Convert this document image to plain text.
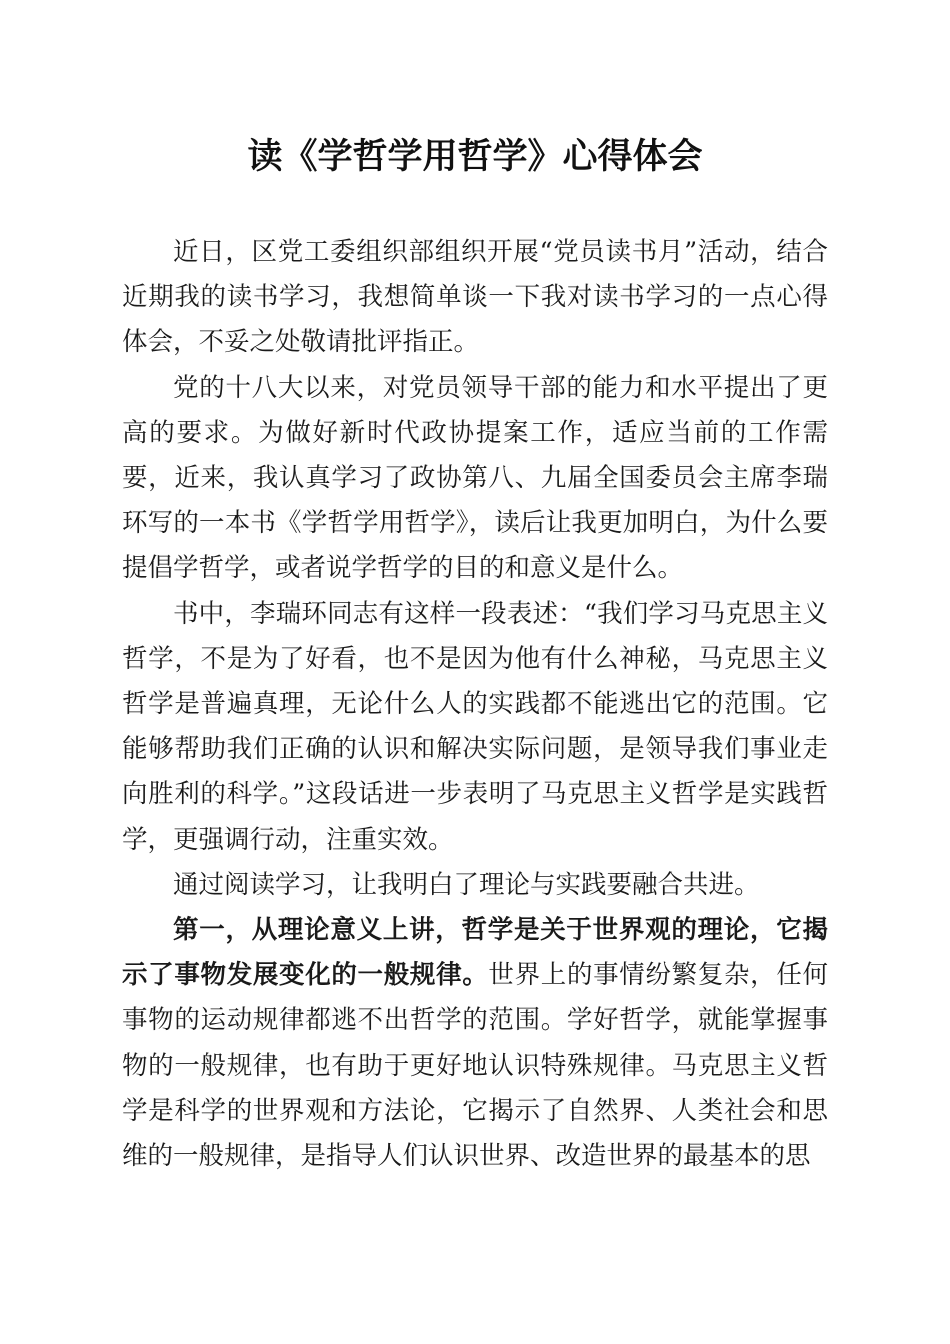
读《学哲学用哲学》心得体会

近日，区党工委组织部组织开展“党员读书月”活动，结合近期我的读书学习，我想简单谈一下我对读书学习的一点心得体会，不妥之处敬请批评指正。

党的十八大以来，对党员领导干部的能力和水平提出了更高的要求。为做好新时代政协提案工作，适应当前的工作需要，近来，我认真学习了政协第八、九届全国委员会主席李瑞环写的一本书《学哲学用哲学》，读后让我更加明白，为什么要提倡学哲学，或者说学哲学的目的和意义是什么。

书中，李瑞环同志有这样一段表述：“我们学习马克思主义哲学，不是为了好看，也不是因为他有什么神秘，马克思主义哲学是普遍真理，无论什么人的实践都不能逃出它的范围。它能够帮助我们正确的认识和解决实际问题，是领导我们事业走向胜利的科学。”这段话进一步表明了马克思主义哲学是实践哲学，更强调行动，注重实效。

通过阅读学习，让我明白了理论与实践要融合共进。

第一，从理论意义上讲，哲学是关于世界观的理论，它揭示了事物发展变化的一般规律。世界上的事情纷繁复杂，任何事物的运动规律都逃不出哲学的范围。学好哲学，就能掌握事物的一般规律，也有助于更好地认识特殊规律。马克思主义哲学是科学的世界观和方法论，它揭示了自然界、人类社会和思维的一般规律，是指导人们认识世界、改造世界的最基本的思
